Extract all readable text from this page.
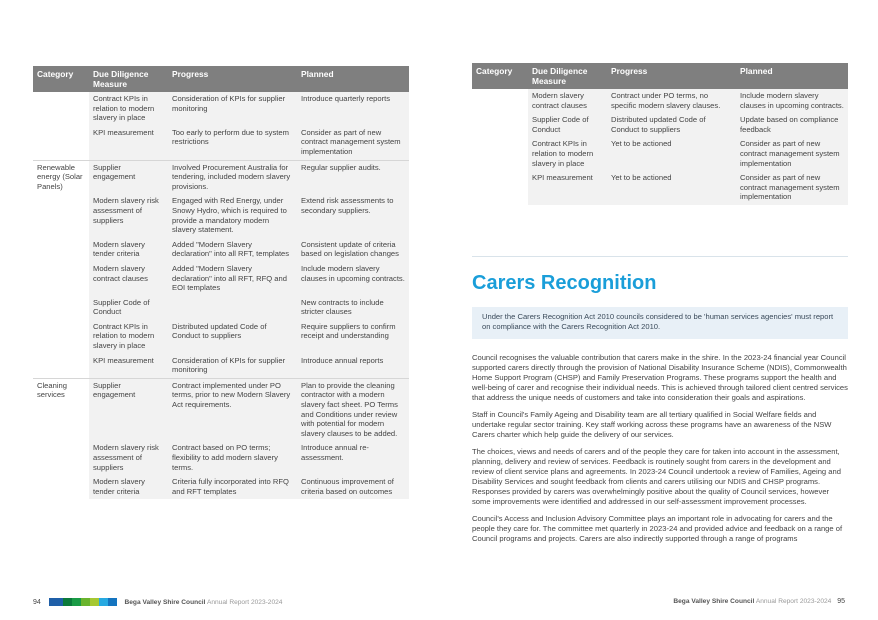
Category	Due Diligence Measure	Progress	Planned
	Contract KPIs in relation to modern slavery in place	Consideration of KPIs for supplier monitoring	Introduce quarterly reports
	KPI measurement	Too early to perform due to system restrictions	Consider as part of new contract management system implementation
Renewable energy (Solar Panels)	Supplier engagement	Involved Procurement Australia for tendering, included modern slavery provisions.	Regular supplier audits.
	Modern slavery risk assessment of suppliers	Engaged with Red Energy, under Snowy Hydro, which is required to provide a mandatory modern slavery statement.	Extend risk assessments to secondary suppliers.
	Modern slavery tender criteria	Added "Modern Slavery declaration" into all RFT, templates	Consistent update of criteria based on legislation changes
	Modern slavery contract clauses	Added "Modern Slavery declaration" into all RFT, RFQ and EOI templates	Include modern slavery clauses in upcoming contracts.
	Supplier Code of Conduct		New contracts to include stricter clauses
	Contract KPIs in relation to modern slavery in place	Distributed updated Code of Conduct to suppliers	Require suppliers to confirm receipt and understanding
	KPI measurement	Consideration of KPIs for supplier monitoring	Introduce annual reports
Cleaning services	Supplier engagement	Contract implemented under PO terms, prior to new Modern Slavery Act requirements.	Plan to provide the cleaning contractor with a modern slavery fact sheet. PO Terms and Conditions under review with potential for modern slavery clauses to be added.
	Modern slavery risk assessment of suppliers	Contract based on PO terms; flexibility to add modern slavery terms.	Introduce annual re-assessment.
	Modern slavery tender criteria	Criteria fully incorporated into RFQ and RFT templates	Continuous improvement of criteria based on outcomes
94	Bega Valley Shire Council Annual Report 2023-2024
Category	Due Diligence Measure	Progress	Planned
	Modern slavery contract clauses	Contract under PO terms, no specific modern slavery clauses.	Include modern slavery clauses in upcoming contracts.
	Supplier Code of Conduct	Distributed updated Code of Conduct to suppliers	Update based on compliance feedback
	Contract KPIs in relation to modern slavery in place	Yet to be actioned	Consider as part of new contract management system implementation
	KPI measurement	Yet to be actioned	Consider as part of new contract management system implementation
Carers Recognition
Under the Carers Recognition Act 2010 councils considered to be 'human services agencies' must report on compliance with the Carers Recognition Act 2010.

Council recognises the valuable contribution that carers make in the shire. In the 2023-24 financial year Council supported carers directly through the provision of National Disability Insurance Scheme (NDIS), Commonwealth Home Support Program (CHSP) and Family Preservation Programs. These programs support the health and well-being of carer and recognise their individual needs. This is achieved through tailored client centred services that address the unique needs of customers and take into consideration their goals and aspirations.

Staff in Council's Family Ageing and Disability team are all tertiary qualified in Social Welfare fields and undertake regular sector training. Key staff working across these programs have an awareness of the NSW Carers charter which help guide the delivery of our services.

The choices, views and needs of carers and of the people they care for taken into account in the assessment, planning, delivery and review of services. Feedback is routinely sought from carers in the development and review of client service plans and agreements. In 2023-24 Council undertook a review of Families, Ageing and Disability Services and sought feedback from clients and carers utilising our NDIS and CHSP programs. Responses provided by carers was overwhelmingly positive about the quality of Council services, however some improvements were identified and addressed in our self-assessment improvement processes.

Council's Access and Inclusion Advisory Committee plays an important role in advocating for carers and the people they care for. The committee met quarterly in 2023-24 and provided advice and feedback on a range of Council programs and projects. Carers are also indirectly supported through a range of programs

Bega Valley Shire Council Annual Report 2023-2024 95
